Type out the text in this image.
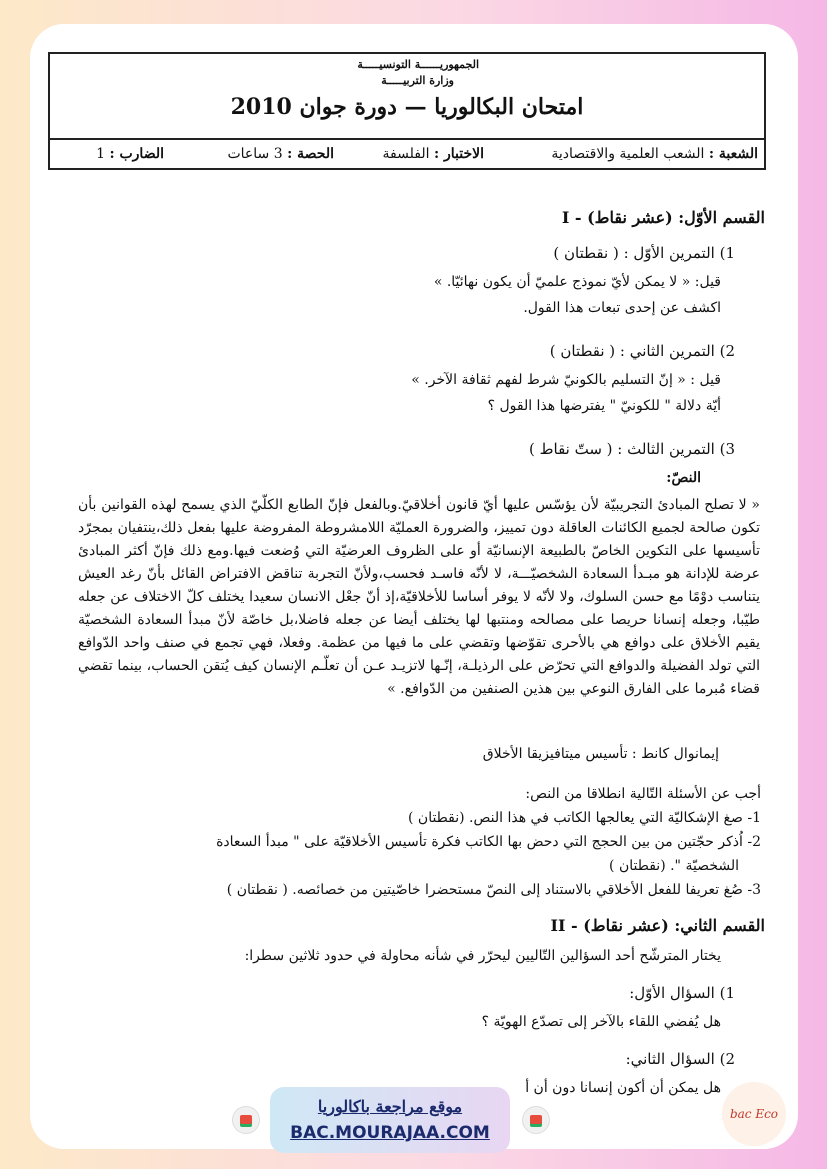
الجمهوريــــــة التونسيـــــة
وزارة التربيـــــة
امتحان البكالوريا — دورة جوان 2010
الشعبة : الشعب العلمية والاقتصادية
الاختبار : الفلسفة
الحصة : 3 ساعات
الضارب : 1
I - القسم الأوّل: (عشر نقاط)
1) التمرين الأوّل : ( نقطتان )
قيل: « لا يمكن لأيّ نموذج علميّ أن يكون نهائيّا. »
اكشف عن إحدى تبعات هذا القول.
2) التمرين الثاني : ( نقطتان )
قيل : « إنّ التسليم بالكونيّ شرط لفهم ثقافة الآخر. »
أيّة دلالة " للكونيّ " يفترضها هذا القول ؟
3) التمرين الثالث : ( ستّ نقاط )
النصّ:
« لا تصلح المبادئ التجريبيّة لأن يؤسّس عليها أيّ قانون أخلاقيّ.وبالفعل فإنّ الطابع الكلّيّ الذي يسمح لهذه القوانين بأن تكون صالحة لجميع الكائنات العاقلة دون تمييز، والضرورة العمليّة اللامشروطة المفروضة عليها بفعل ذلك،ينتفيان بمجرّد تأسيسها على التكوين الخاصّ بالطبيعة الإنسانيّة أو على الظروف العرضيّة التي وُضعت فيها.ومع ذلك فإنّ أكثر المبادئ عرضة للإدانة هو مبـدأ السعادة الشخصيّـــة، لا لأنّه فاسـد فحسب،ولأنّ التجربة تناقض الافتراض القائل بأنّ رغد العيش يتناسب دوْمًا مع حسن السلوك، ولا لأنّه لا يوفر أساسا للأخلاقيّة،إذ أنّ جعْل الانسان سعيدا يختلف كلّ الاختلاف عن جعله طيّبا، وجعله إنسانا حريصا على مصالحه ومنتبها لها يختلف أيضا عن جعله فاضلا،بل خاصّة لأنّ مبدأ السعادة الشخصيّة يقيم الأخلاق على دوافع هي بالأحرى تقوّضها وتقضي على ما فيها من عظمة. وفعلا، فهي تجمع في صنف واحد الدّوافع التي تولد الفضيلة والدوافع التي تحرّض على الرذيلـة، إنّـها لاتزيـد عـن أن تعلّـم الإنسان كيف يُتقن الحساب، بينما تقضي قضاء مُبرما على الفارق النوعي بين هذين الصنفين من الدّوافع. »
إيمانوال كانط : تأسيس ميتافيزيقا الأخلاق
أجب عن الأسئلة التّالية انطلاقا من النص:
1- صغ الإشكاليّة التي يعالجها الكاتب في هذا النص. (نقطتان )
2- اُذكر حجّتين من بين الحجج التي دحض بها الكاتب فكرة تأسيس الأخلاقيّة على " مبدأ السعادة
الشخصيّة ". (نقطتان )
3- صُغ تعريفا للفعل الأخلاقي بالاستناد إلى النصّ مستحضرا خاصّيتين من خصائصه. ( نقطتان )
II - القسم الثاني: (عشر نقاط)
يختار المترشّح أحد السؤالين التّاليين ليحرّر في شأنه محاولة في حدود ثلاثين سطرا:
1) السؤال الأوّل:
هل يُفضي اللقاء بالآخر إلى تصدّع الهويّة ؟
2) السؤال الثاني:
هل يمكن أن أكون إنسانا دون أن أ
موقع مراجعة باكالوريا
BAC.MOURAJAA.COM
bac Eco
